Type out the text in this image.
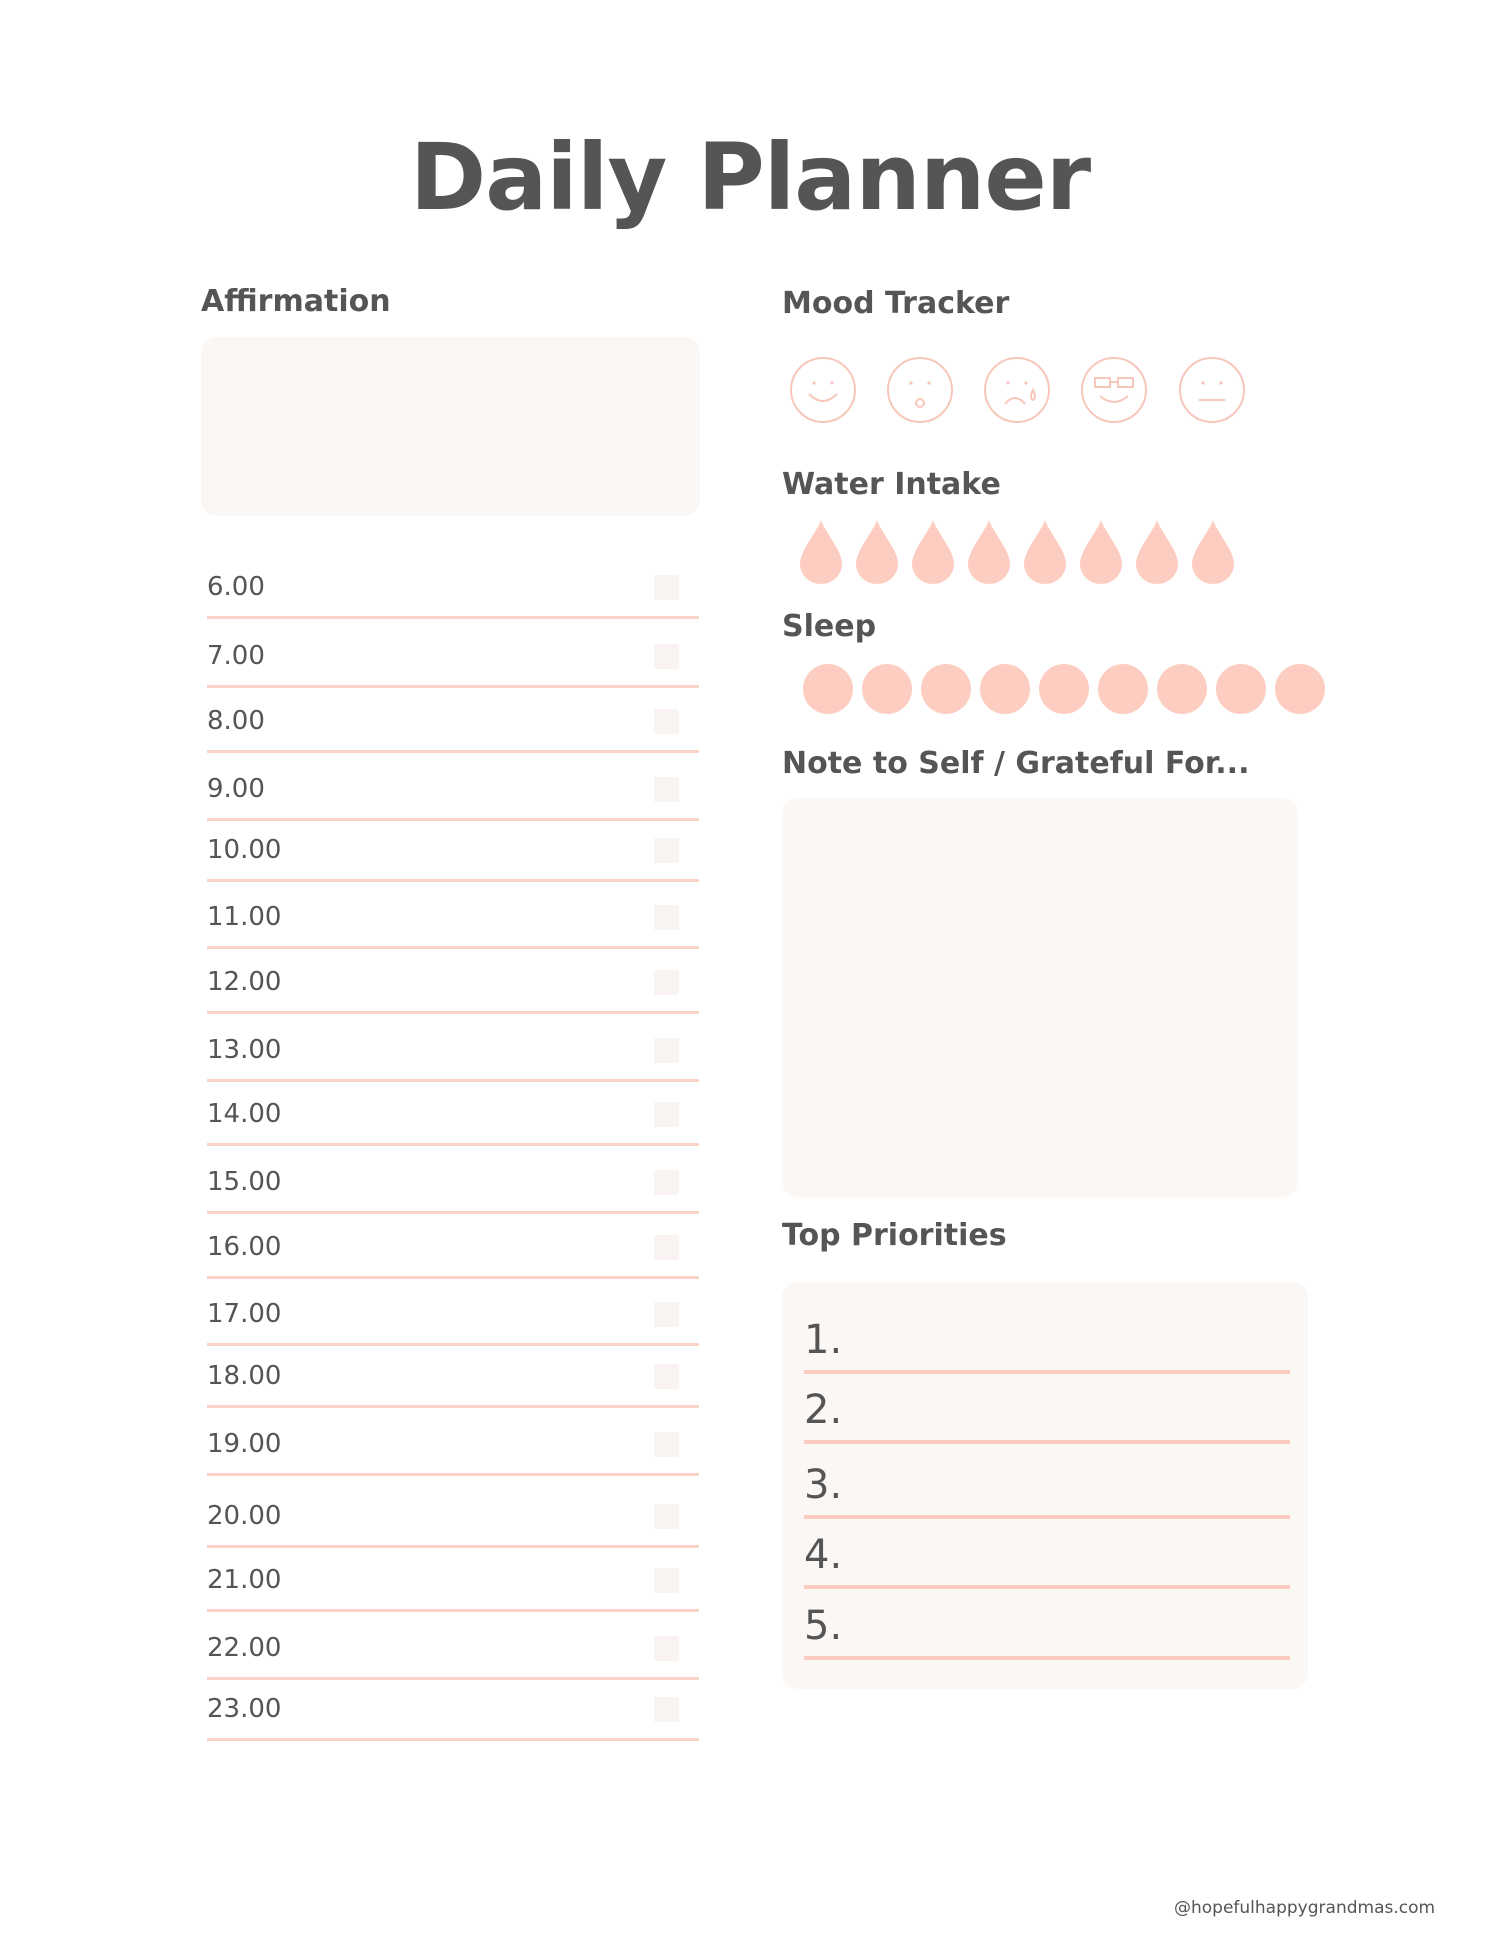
Daily Planner
Affirmation
6.00
7.00
8.00
9.00
10.00
11.00
12.00
13.00
14.00
15.00
16.00
17.00
18.00
19.00
20.00
21.00
22.00
23.00
Mood Tracker
Water Intake
Sleep
Note to Self / Grateful For...
Top Priorities
1.
2.
3.
4.
5.
@hopefulhappygrandmas.com
